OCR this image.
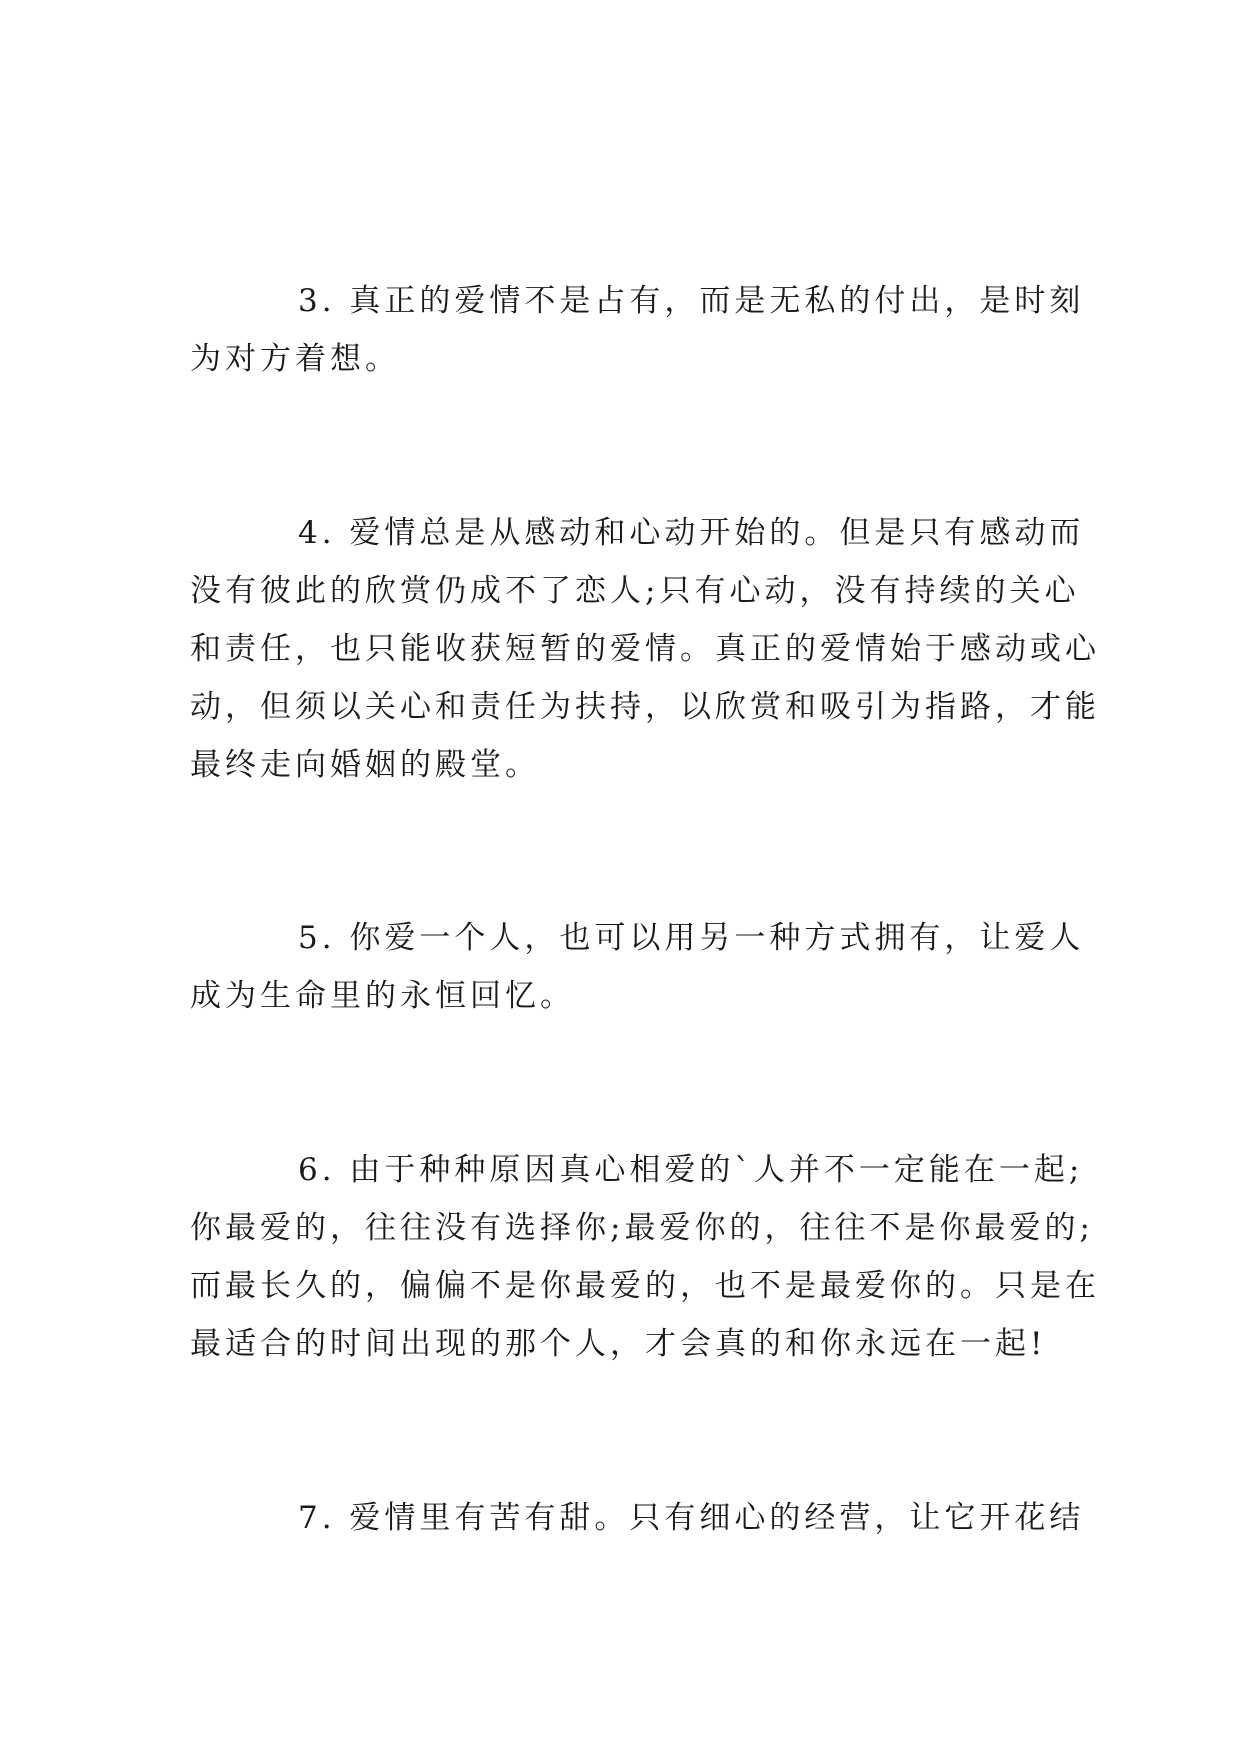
3. 真正的爱情不是占有，而是无私的付出，是时刻
为对方着想。

4. 爱情总是从感动和心动开始的。但是只有感动而
没有彼此的欣赏仍成不了恋人;只有心动，没有持续的关心
和责任，也只能收获短暂的爱情。真正的爱情始于感动或心
动，但须以关心和责任为扶持，以欣赏和吸引为指路，才能
最终走向婚姻的殿堂。

5. 你爱一个人，也可以用另一种方式拥有，让爱人
成为生命里的永恒回忆。

6. 由于种种原因真心相爱的`人并不一定能在一起;
你最爱的，往往没有选择你;最爱你的，往往不是你最爱的;
而最长久的，偏偏不是你最爱的，也不是最爱你的。只是在
最适合的时间出现的那个人，才会真的和你永远在一起!

7. 爱情里有苦有甜。只有细心的经营，让它开花结
